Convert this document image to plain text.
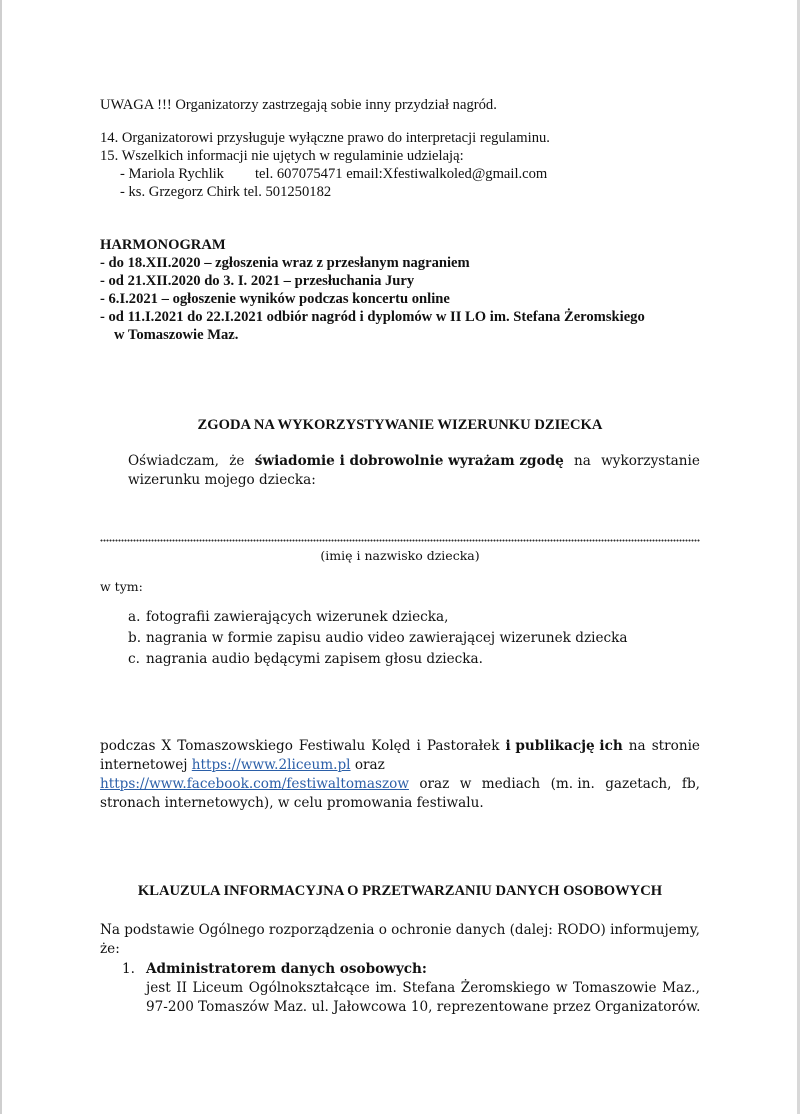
UWAGA !!! Organizatorzy zastrzegają sobie inny przydział nagród.
14. Organizatorowi przysługuje wyłączne prawo do interpretacji regulaminu.
15. Wszelkich informacji nie ujętych w regulaminie udzielają:
- Mariola Rychlik tel. 607075471 email:Xfestiwalkoled@gmail.com
- ks. Grzegorz Chirk tel. 501250182
HARMONOGRAM
- do 18.XII.2020 – zgłoszenia wraz z przesłanym nagraniem
- od 21.XII.2020 do 3. I. 2021 – przesłuchania Jury
- 6.I.2021 – ogłoszenie wyników podczas koncertu online
- od 11.I.2021 do 22.I.2021 odbiór nagród i dyplomów w II LO im. Stefana Żeromskiego
w Tomaszowie Maz.
ZGODA NA WYKORZYSTYWANIE WIZERUNKU DZIECKA
Oświadczam, że świadomie i dobrowolnie wyrażam zgodę na wykorzystanie
wizerunku mojego dziecka:
(imię i nazwisko dziecka)
w tym:
a. fotografii zawierających wizerunek dziecka,
b. nagrania w formie zapisu audio video zawierającej wizerunek dziecka
c. nagrania audio będącymi zapisem głosu dziecka.
podczas X Tomaszowskiego Festiwalu Kolęd i Pastorałek i publikację ich na stronie
internetowej https://www.2liceum.pl oraz
https://www.facebook.com/festiwaltomaszow oraz w mediach (m. in. gazetach, fb,
stronach internetowych), w celu promowania festiwalu.
KLAUZULA INFORMACYJNA O PRZETWARZANIU DANYCH OSOBOWYCH
Na podstawie Ogólnego rozporządzenia o ochronie danych (dalej: RODO) informujemy,
że:
1. Administratorem danych osobowych:
jest II Liceum Ogólnokształcące im. Stefana Żeromskiego w Tomaszowie Maz.,
97-200 Tomaszów Maz. ul. Jałowcowa 10, reprezentowane przez Organizatorów.
